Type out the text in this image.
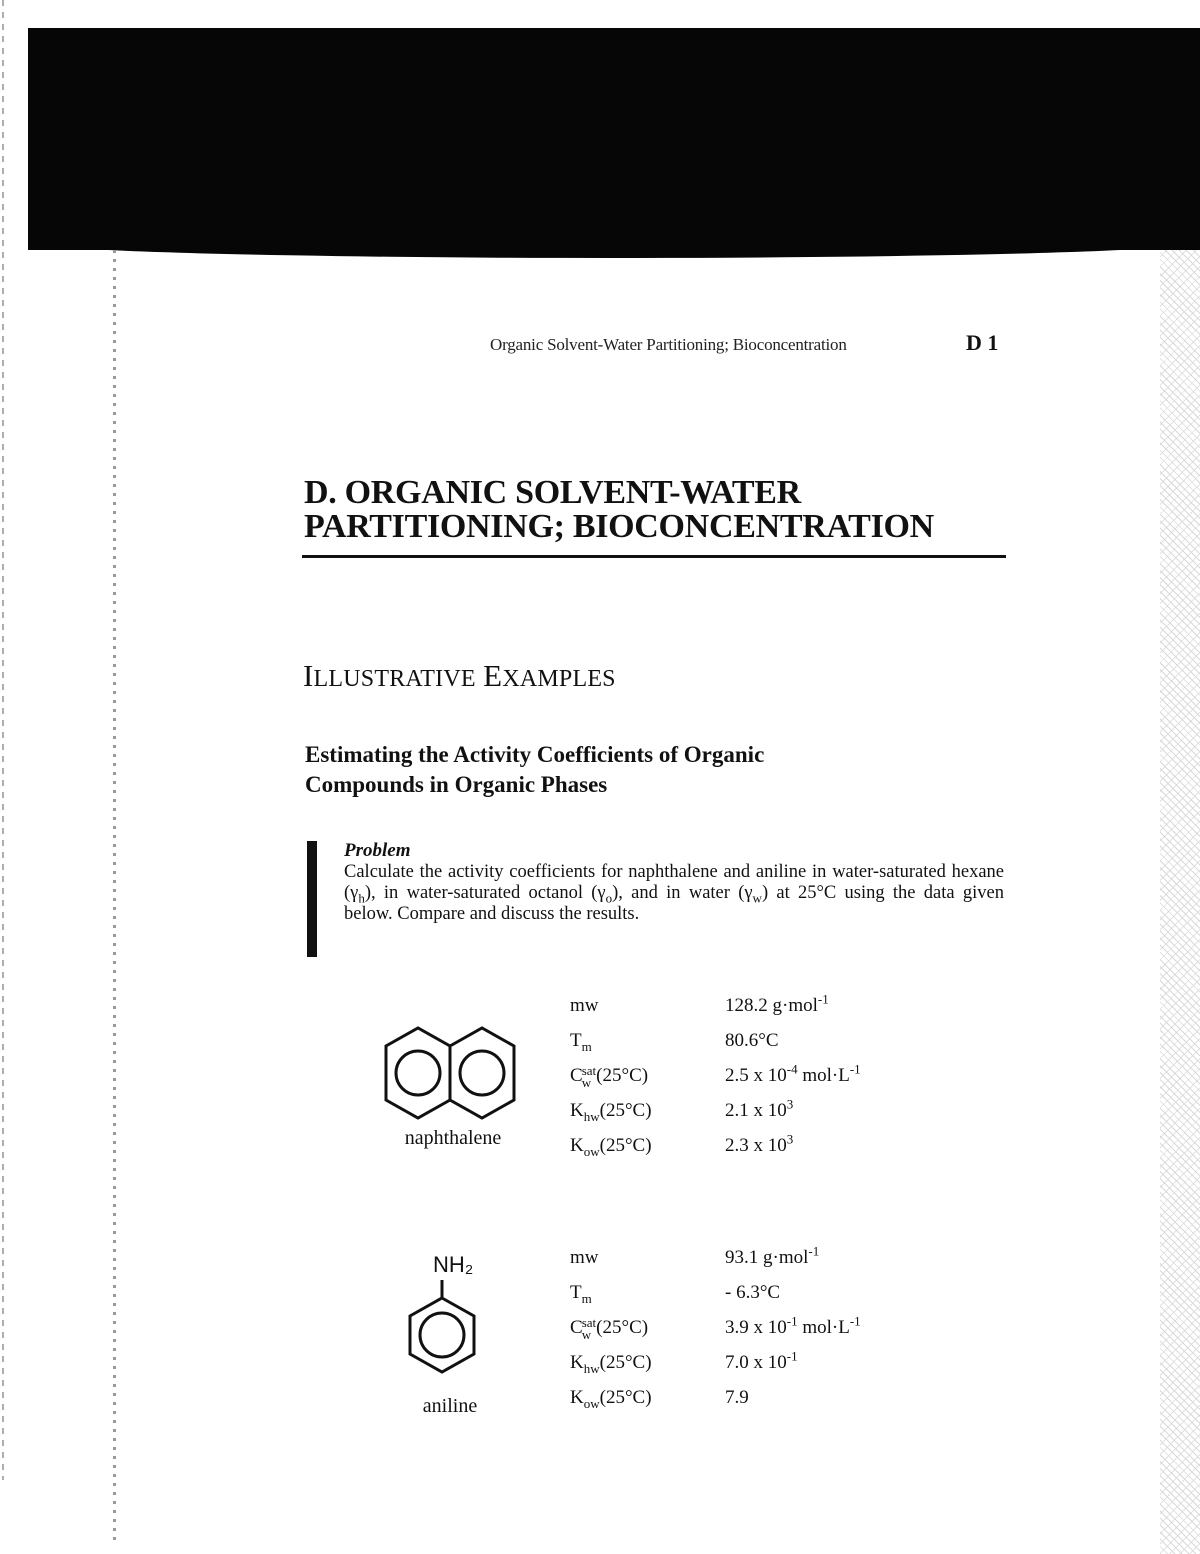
Organic Solvent-Water Partitioning; Bioconcentration	D 1
D. ORGANIC SOLVENT-WATER
PARTITIONING; BIOCONCENTRATION
ILLUSTRATIVE EXAMPLES
Estimating the Activity Coefficients of Organic
Compounds in Organic Phases
Problem
Calculate the activity coefficients for naphthalene and aniline in water-saturated hexane $(\gamma_h)$, in water-saturated octanol $(\gamma_o)$, and in water $(\gamma_w)$ at 25°C using the data given below. Compare and discuss the results.
naphthalene
mw	128.2 g·mol$^{-1}$
$T_m$	80.6°C
C sat
w (25°C)	2.5 x $10^{-4}$ $mol\cdot L^{-1}$
$K_{hw}(25^\circ C)$	2.1 x $10^3$
$K_{ow}(25^\circ C)$	2.3 x $10^3$
NH₂
aniline
mw	93.1 g·mol$^{-1}$
$T_m$	- 6.3°C
C sat
w (25°C)	3.9 x $10^{-1}$ $mol\cdot L^{-1}$
$K_{hw}(25^\circ C)$	7.0 x $10^{-1}$
$K_{ow}(25^\circ C)$	7.9
